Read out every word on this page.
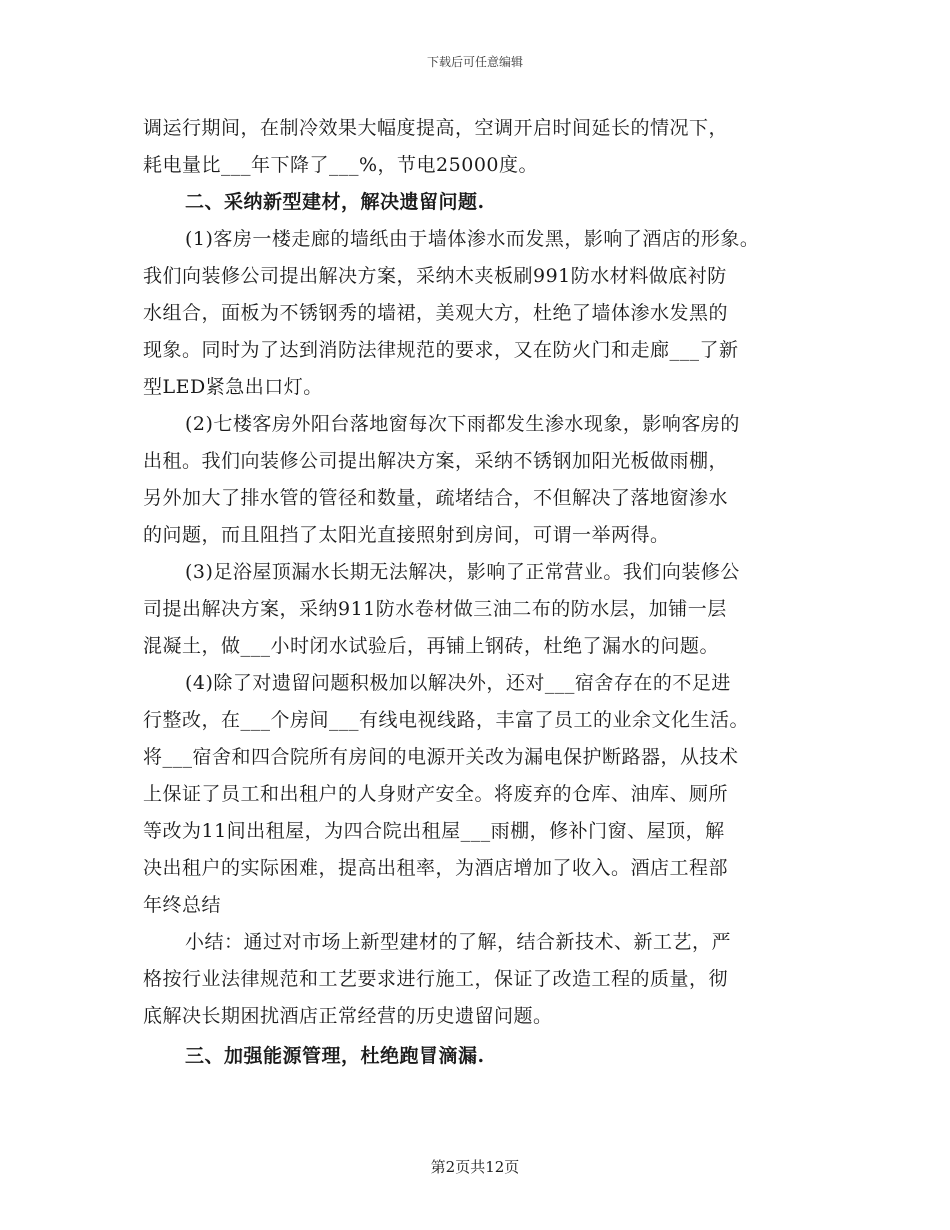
下载后可任意编辑
调运行期间，在制冷效果大幅度提高，空调开启时间延长的情况下，
耗电量比___年下降了___%，节电25000度。
二、采纳新型建材，解决遗留问题.
(1)客房一楼走廊的墙纸由于墙体渗水而发黑，影响了酒店的形象。
我们向装修公司提出解决方案，采纳木夹板刷991防水材料做底衬防
水组合，面板为不锈钢秀的墙裙，美观大方，杜绝了墙体渗水发黑的
现象。同时为了达到消防法律规范的要求，又在防火门和走廊___了新
型LED紧急出口灯。
(2)七楼客房外阳台落地窗每次下雨都发生渗水现象，影响客房的
出租。我们向装修公司提出解决方案，采纳不锈钢加阳光板做雨棚，
另外加大了排水管的管径和数量，疏堵结合，不但解决了落地窗渗水
的问题，而且阻挡了太阳光直接照射到房间，可谓一举两得。
(3)足浴屋顶漏水长期无法解决，影响了正常营业。我们向装修公
司提出解决方案，采纳911防水卷材做三油二布的防水层，加铺一层
混凝土，做___小时闭水试验后，再铺上钢砖，杜绝了漏水的问题。
(4)除了对遗留问题积极加以解决外，还对___宿舍存在的不足进
行整改，在___个房间___有线电视线路，丰富了员工的业余文化生活。
将___宿舍和四合院所有房间的电源开关改为漏电保护断路器，从技术
上保证了员工和出租户的人身财产安全。将废弃的仓库、油库、厕所
等改为11间出租屋，为四合院出租屋___雨棚，修补门窗、屋顶，解
决出租户的实际困难，提高出租率，为酒店增加了收入。酒店工程部
年终总结
小结：通过对市场上新型建材的了解，结合新技术、新工艺，严
格按行业法律规范和工艺要求进行施工，保证了改造工程的质量，彻
底解决长期困扰酒店正常经营的历史遗留问题。
三、加强能源管理，杜绝跑冒滴漏.
第2页共12页
